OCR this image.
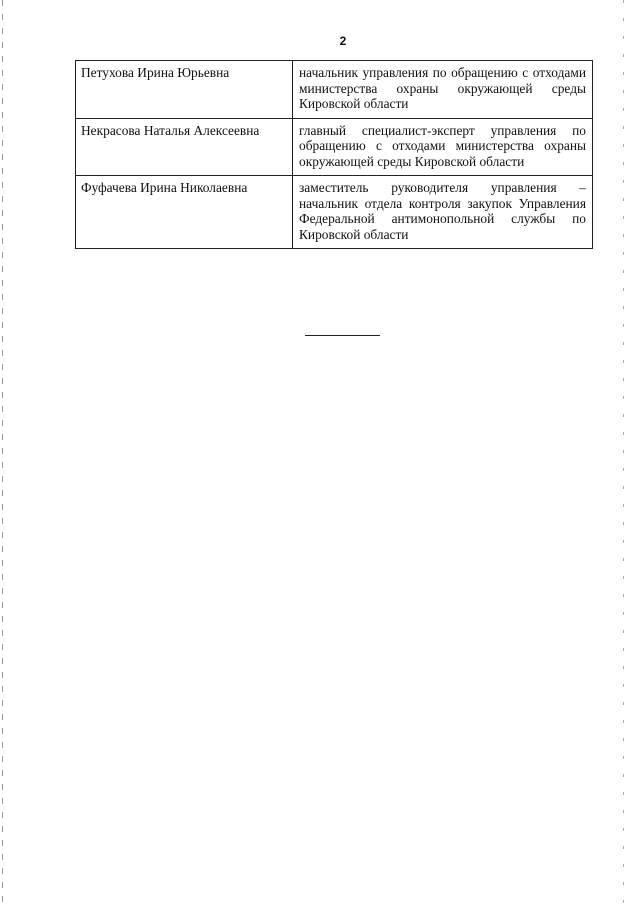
2
Петухова Ирина Юрьевна	начальник управления по обращению с отходами министерства охраны окружающей среды Кировской области
Некрасова Наталья Алексеевна	главный специалист-эксперт управления по обращению с отходами министерства охраны окружающей среды Кировской области
Фуфачева Ирина Николаевна	заместитель руководителя управления – начальник отдела контроля закупок Управления Федеральной антимонопольной службы по Кировской области
